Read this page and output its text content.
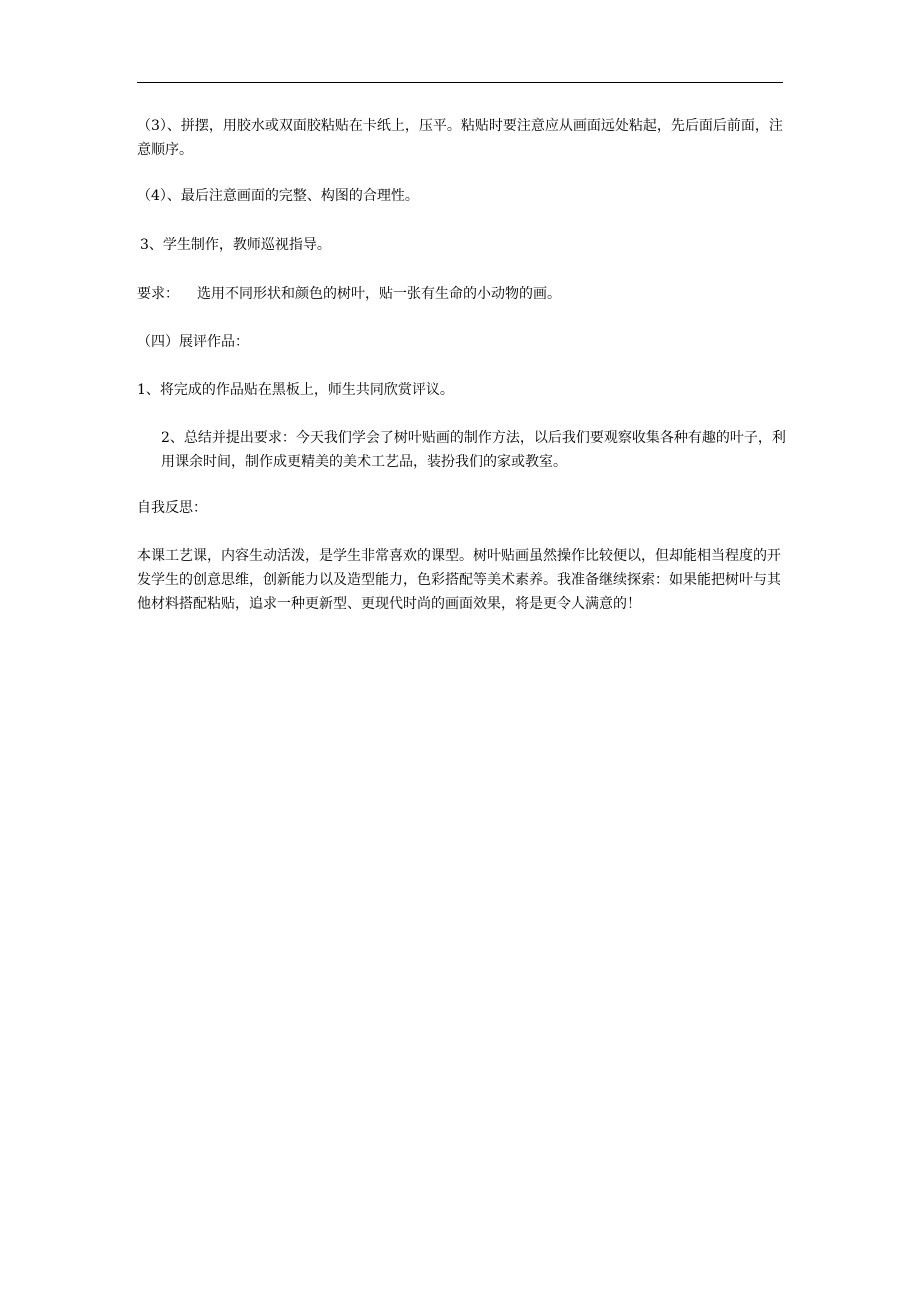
（3）、拼摆，用胶水或双面胶粘贴在卡纸上，压平。粘贴时要注意应从画面远处粘起，先后面后前面，注意顺序。

（4）、最后注意画面的完整、构图的合理性。

3、学生制作，教师巡视指导。

要求： 选用不同形状和颜色的树叶，贴一张有生命的小动物的画。

（四）展评作品：

1、将完成的作品贴在黑板上，师生共同欣赏评议。

2、总结并提出要求：今天我们学会了树叶贴画的制作方法，以后我们要观察收集各种有趣的叶子，利用课余时间，制作成更精美的美术工艺品，装扮我们的家或教室。

自我反思：

本课工艺课，内容生动活泼，是学生非常喜欢的课型。树叶贴画虽然操作比较便以，但却能相当程度的开发学生的创意思维，创新能力以及造型能力，色彩搭配等美术素养。我准备继续探索：如果能把树叶与其他材料搭配粘贴，追求一种更新型、更现代时尚的画面效果，将是更令人满意的！
